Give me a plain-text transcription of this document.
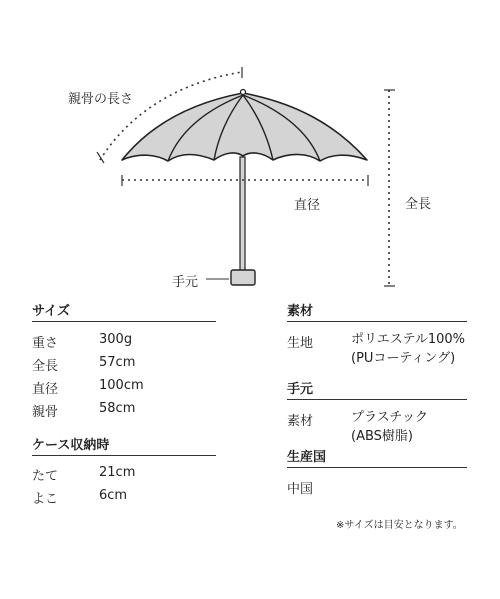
親骨の長さ
直径	全長
手元
サイズ
重さ	300g
全長	57cm
直径	100cm
親骨	58cm
ケース収納時
たて	21cm
よこ	6cm
素材
生地	ポリエステル100%
(PUコーティング)
手元
素材	プラスチック
(ABS樹脂)
生産国
中国
※サイズは目安となります。
